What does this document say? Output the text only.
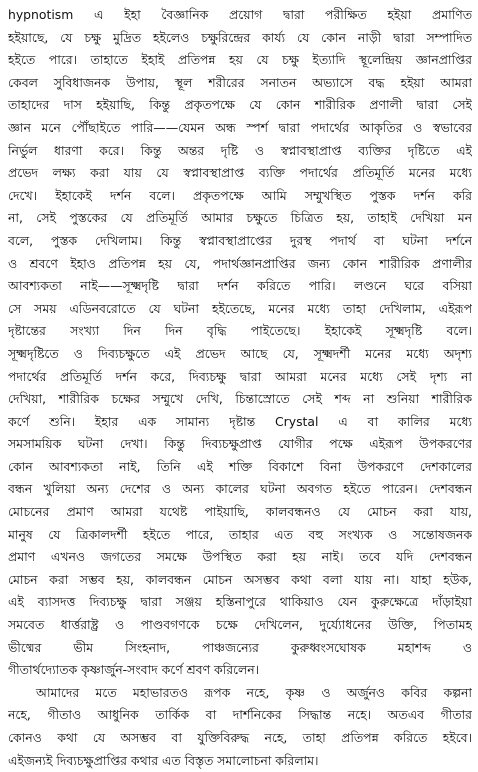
hypnotism এ ইহা বৈজ্ঞানিক প্রয়োগ দ্বারা পরীক্ষিত হইয়া প্রমাণিত
হইয়াছে, যে চক্ষু মুদ্রিত হইলেও চক্ষুরিন্দ্রের কার্য্য যে কোন নাড়ী দ্বারা সম্পাদিত
হইতে পারে। তাহাতে ইহাই প্রতিপন্ন হয় যে চক্ষু ইত্যাদি স্থূলেন্দ্রিয় জ্ঞানপ্রাপ্তির
কেবল সুবিধাজনক উপায়, স্থূল শরীরের সনাতন অভ্যাসে বদ্ধ হইয়া আমরা
তাহাদের দাস হইয়াছি, কিন্তু প্রকৃতপক্ষে যে কোন শারীরিক প্রণালী দ্বারা সেই
জ্ঞান মনে পৌঁছাইতে পারি——যেমন অন্ধ স্পর্শ দ্বারা পদার্থের আকৃতির ও স্বভাবের
নির্ভুল ধারণা করে। কিন্তু অন্তর দৃষ্টি ও স্বপ্নাবস্থাপ্রাপ্ত ব্যক্তির দৃষ্টিতে এই
প্রভেদ লক্ষ্য করা যায় যে স্বপ্নাবস্থাপ্রাপ্ত ব্যক্তি পদার্থের প্রতিমূর্তি মনের মধ্যে
দেখে। ইহাকেই দর্শন বলে। প্রকৃতপক্ষে আমি সম্মুখস্থিত পুস্তক দর্শন করি
না, সেই পুস্তকের যে প্রতিমূর্তি আমার চক্ষুতে চিত্রিত হয়, তাহাই দেখিয়া মন
বলে, পুস্তক দেখিলাম। কিন্তু স্বপ্নাবস্থাপ্রাপ্তের দুরস্থ পদার্থ বা ঘটনা দর্শনে
ও শ্রবণে ইহাও প্রতিপন্ন হয় যে, পদার্থজ্ঞানপ্রাপ্তির জন্য কোন শারীরিক প্রণালীর
আবশ্যকতা নাই——সূক্ষ্মদৃষ্টি দ্বারা দর্শন করিতে পারি। লণ্ডনে ঘরে বসিয়া
সে সময় এডিনবরোতে যে ঘটনা হইতেছে, মনের মধ্যে তাহা দেখিলাম, এইরূপ
দৃষ্টান্তের সংখ্যা দিন দিন বৃদ্ধি পাইতেছে। ইহাকেই সূক্ষ্মদৃষ্টি বলে।
সূক্ষ্মদৃষ্টিতে ও দিব্যচক্ষুতে এই প্রভেদ আছে যে, সূক্ষ্মদর্শী মনের মধ্যে অদৃশ্য
পদার্থের প্রতিমূর্তি দর্শন করে, দিব্যচক্ষু দ্বারা আমরা মনের মধ্যে সেই দৃশ্য না
দেখিয়া, শারীরিক চক্ষের সম্মুখে দেখি, চিন্তাস্রোতে সেই শব্দ না শুনিয়া শারীরিক
কর্ণে শুনি। ইহার এক সামান্য দৃষ্টান্ত Crystal এ বা কালির মধ্যে
সমসাময়িক ঘটনা দেখা। কিন্তু দিব্যচক্ষুপ্রাপ্ত যোগীর পক্ষে এইরূপ উপকরণের
কোন আবশ্যকতা নাই, তিনি এই শক্তি বিকাশে বিনা উপকরণে দেশকালের
বন্ধন খুলিয়া অন্য দেশের ও অন্য কালের ঘটনা অবগত হইতে পারেন। দেশবন্ধন
মোচনের প্রমাণ আমরা যথেষ্ট পাইয়াছি, কালবন্ধনও যে মোচন করা যায়,
মানুষ যে ত্রিকালদর্শী হইতে পারে, তাহার এত বহু সংখ্যক ও সন্তোষজনক
প্রমাণ এখনও জগতের সমক্ষে উপস্থিত করা হয় নাই। তবে যদি দেশবন্ধন
মোচন করা সম্ভব হয়, কালবন্ধন মোচন অসম্ভব কথা বলা যায় না। যাহা হউক,
এই ব্যাসদত্ত দিব্যচক্ষু দ্বারা সঞ্জয় হস্তিনাপুরে থাকিয়াও যেন কুরুক্ষেত্রে দাঁড়াইয়া
সমবেত ধার্ত্তরাষ্ট্র ও পাণ্ডবগণকে চক্ষে দেখিলেন, দুর্য্যোধনের উক্তি, পিতামহ
ভীষ্মের ভীম সিংহনাদ, পাঞ্চজন্যের কুরুধ্বংসঘোষক মহাশব্দ ও
গীতার্থদ্যোতক কৃষ্ণার্জুন-সংবাদ কর্ণে শ্রবণ করিলেন।
আমাদের মতে মহাভারতও রূপক নহে, কৃষ্ণ ও অর্জুনও কবির কল্পনা
নহে, গীতাও আধুনিক তার্কিক বা দার্শনিকের সিদ্ধান্ত নহে। অতএব গীতার
কোনও কথা যে অসম্ভব বা যুক্তিবিরুদ্ধ নহে, তাহা প্রতিপন্ন করিতে হইবে।
এইজন্যই দিব্যচক্ষুপ্রাপ্তির কথার এত বিস্তৃত সমালোচনা করিলাম।
